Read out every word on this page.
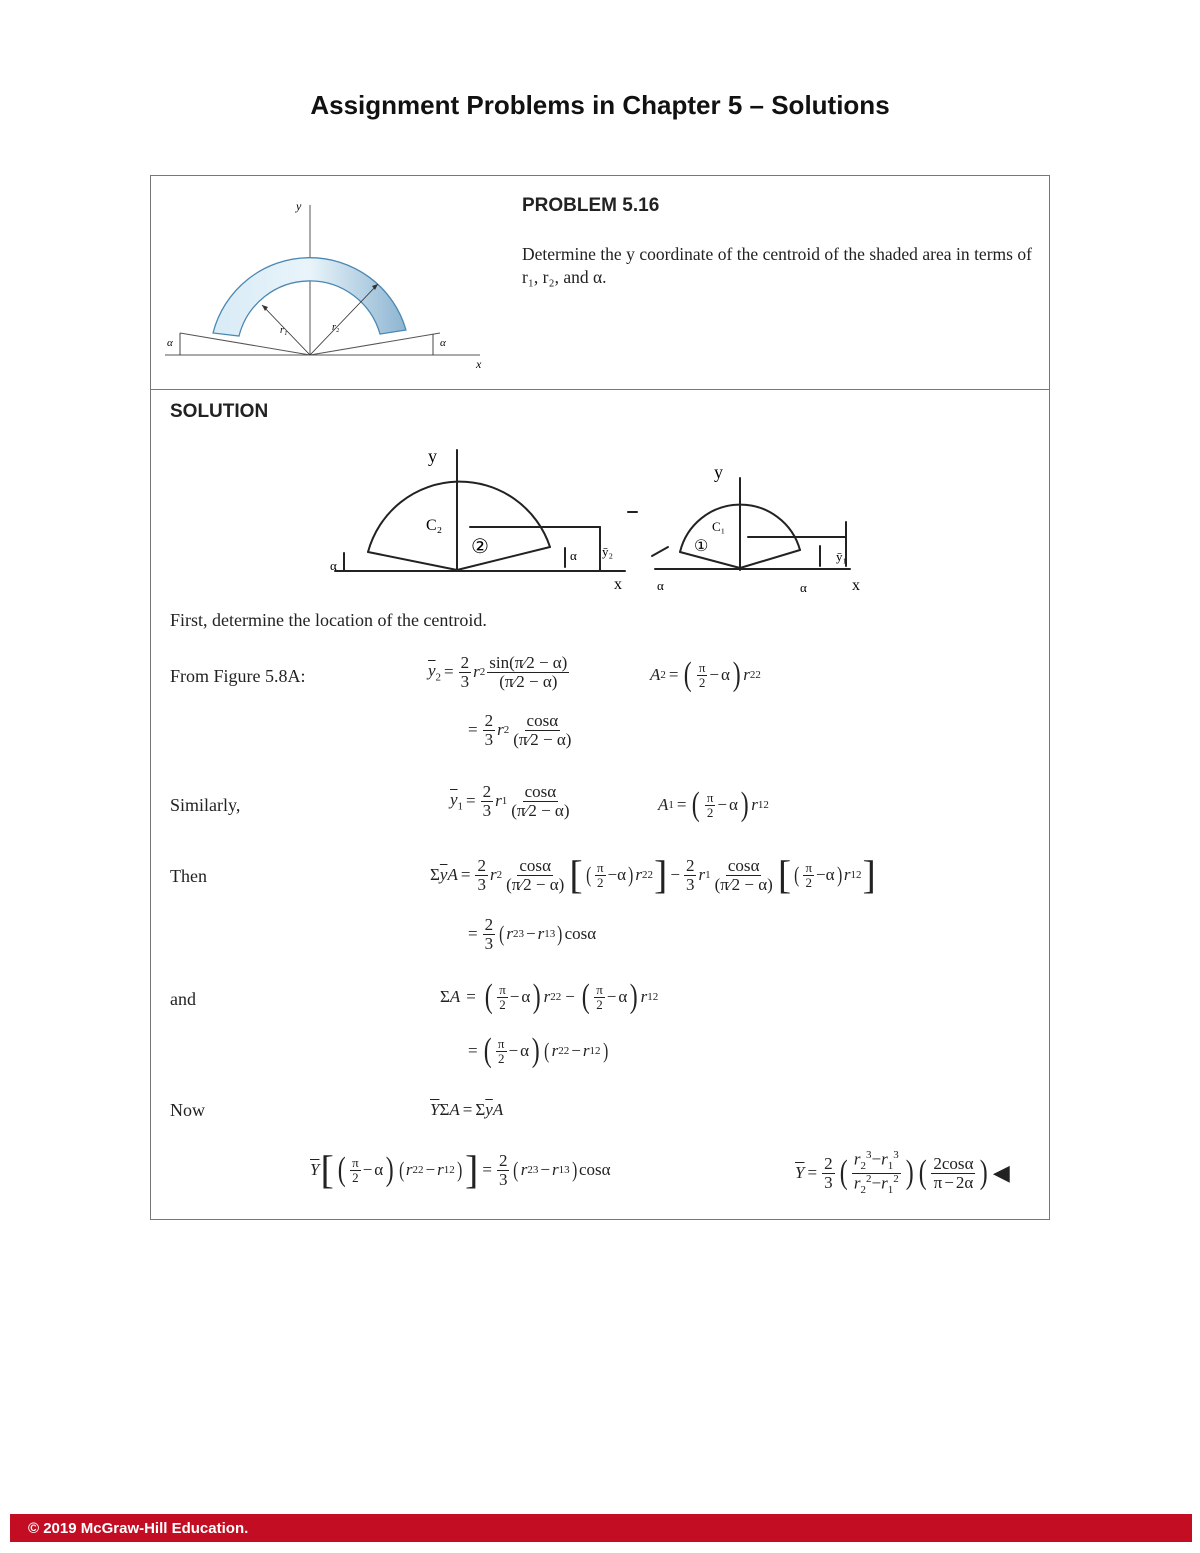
Assignment Problems in Chapter 5 – Solutions
y
x
r₁	r₂
α	α
PROBLEM 5.16
Determine the y coordinate of the centroid of the shaded area in terms of r₁, r₂, and α.
SOLUTION
y
C₂
②
α
α ȳ₂
x
y
C₁
①
α	α
ȳ₁
x
First, determine the location of the centroid.
From Figure 5.8A:
Similarly,
Then
and
Now
$\overline{y}_2 = \frac{2}{3}$ r $2 \frac{\sin(\pi⁄2 - \alpha)}{(\pi⁄2 - \alpha)}$	A 2 = ( $\frac{\pi}{2} - \alpha$ ) r 2 2
= $\frac{2}{3}$ r $2 \frac{\cos\alpha}{(\pi⁄2 - \alpha)}$
$\overline{y}_1 = \frac{2}{3}$ r $1 \frac{\cos\alpha}{(\pi⁄2 - \alpha)}$	A 1 = ( $\frac{\pi}{2} - \alpha$ ) r 1 2
$\Sigma\overline{y}A = \frac{2}{3}$ r $2 \frac{\cos\alpha}{(\pi⁄2 - \alpha)}$ [ ( $\frac{\pi}{2} - \alpha$ ) r 2 2 ] − $\frac{2}{3}$ r $1 \frac{\cos\alpha}{(\pi⁄2 - \alpha)}$ [ ( $\frac{\pi}{2} - \alpha$ ) r 1 2 ]
= $\frac{2}{3}$ ( r 2 3 − r 1 3 ) cos α
ΣA = ( $\frac{\pi}{2} - \alpha$ ) r 2 2 − ( $\frac{\pi}{2} - \alpha$ ) r 1 2
= ( $\frac{\pi}{2} - \alpha$ ) ( r 2 2 − r 1 2 )
$\overline{Y}\Sigma A = \Sigma\overline{y}A$
$\overline{Y}$ [ ( $\frac{\pi}{2} - \alpha$ ) ( r 2 2 − r 1 2 ) ] = $\frac{2}{3}$ ( r 2 3 − r 1 3 ) cos α	$\overline{Y} = \frac{2}{3}$ ( $\frac{r_2^3-r_1^3}{r_2^2-r_1^2}$ ) ( $\frac{2\cos\alpha}{\pi - 2\alpha}$ ) ◀
© 2019 McGraw-Hill Education.
